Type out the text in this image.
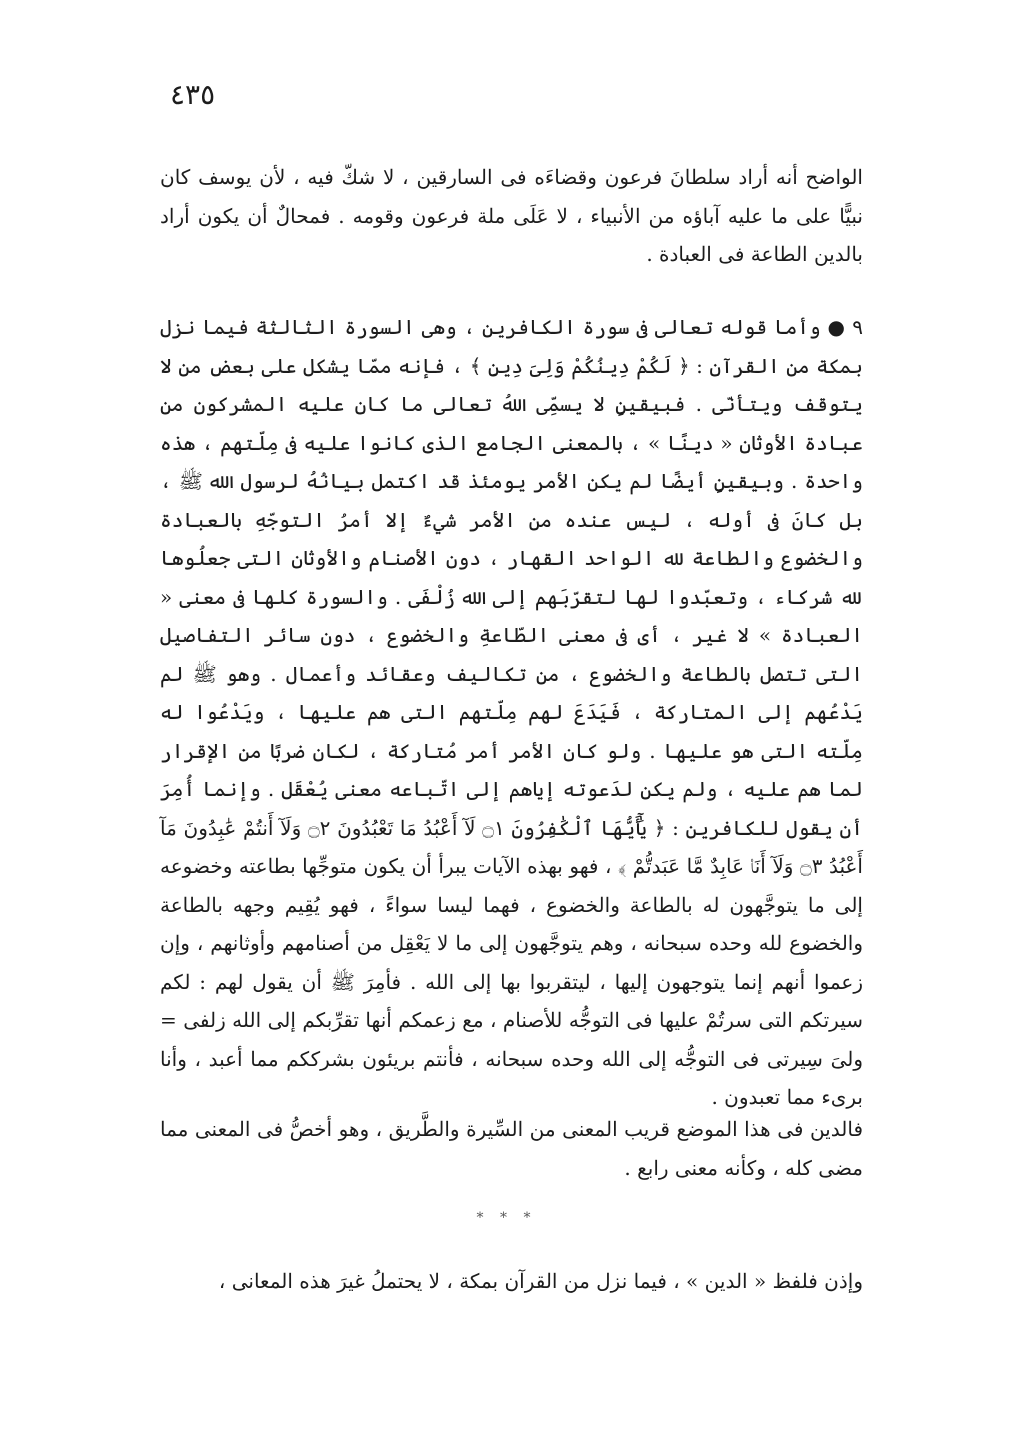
٤٣٥
الواضح أنه أراد سلطانَ فرعون وقضاءَه فى السارقين ، لا شكّ فيه ، لأن يوسف كان نبيًّا على ما عليه آباؤه من الأنبياء ، لا عَلَى ملة فرعون وقومه . فمحالٌ أن يكون أراد بالدين الطاعة فى العبادة .
٩ ● وأما قوله تعالى فى سورة الكافرين ، وهى السورة الثالثة فيما نزل بمكة من القرآن : ﴿ لَكُمْ دِينُكُمْ وَلِىَ دِينِ ﴾ ، فإنه ممّا يشكل على بعض من لا يتوقف ويتأنّى . فبيقينٍ لا يسمِّى اللهُ تعالى ما كان عليه المشركون من عبادة الأوثان « دينًا » ، بالمعنى الجامع الذى كانوا عليه فى مِلّتهم ، هذه واحدة . وبيقينٍ أيضًا لم يكن الأمر يومئذ قد اكتمل بيانُهُ لرسول الله ﷺ ، بل كانَ فى أوله ، ليس عنده من الأمر شيءٌ إلا أمرُ التوجّهِ بالعبادة والخضوع والطاعة لله الواحد القهار ، دون الأصنام والأوثان التى جعلُوها لله شركاء ، وتعبّدوا لها لتقرّبَهم إلى الله زُلْفَى . والسورة كلها فى معنى « العبادة » لا غير ، أى فى معنى الطّاعةِ والخضوع ، دون سائر التفاصيل التى تتصل بالطاعة والخضوع ، من تكاليف وعقائد وأعمال . وهو ﷺ لم يَدْعُهم إلى المتاركة ، فَيَدَعَ لهم مِلّتهم التى هم عليها ، ويَدْعُوا له مِلّته التى هو عليها . ولو كان الأمر أمر مُتاركة ، لكان ضربًا من الإقرار لما هم عليه ، ولم يكن لدَعوته إياهم إلى اتّباعه معنى يُعْقَل . وإنما أُمِرَ أن يقول للكافرين : ﴿ يَٰٓأَيُّهَا ٱلْكَٰفِرُونَ ۝١ لَآ أَعْبُدُ مَا تَعْبُدُونَ ۝٢ وَلَآ أَنتُمْ عَٰبِدُونَ مَآ أَعْبُدُ ۝٣ وَلَآ أَنَا۠ عَابِدٌ مَّا عَبَدتُّمْ ﴾ ، فهو بهذه الآيات يبرأ أن يكون متوجِّها بطاعته وخضوعه إلى ما يتوجَّهون له بالطاعة والخضوع ، فهما ليسا سواءً ، فهو يُقِيم وجهه بالطاعة والخضوع لله وحده سبحانه ، وهم يتوجَّهون إلى ما لا يَعْقِل من أصنامهم وأوثانهم ، وإن زعموا أنهم إنما يتوجهون إليها ، ليتقربوا بها إلى الله . فأمِرَ ﷺ أن يقول لهم : لكم سيرتكم التى سرتُمْ عليها فى التوجُّه للأصنام ، مع زعمكم أنها تقرِّبكم إلى الله زلفى = ولىَ سِيرتى فى التوجُّه إلى الله وحده سبحانه ، فأنتم بريئون بشرككم مما أعبد ، وأنا برىء مما تعبدون .
فالدين فى هذا الموضع قريب المعنى من السِّيرة والطَّريق ، وهو أخصُّ فى المعنى مما مضى كله ، وكأنه معنى رابع .
* * *
وإذن فلفظ « الدين » ، فيما نزل من القرآن بمكة ، لا يحتملُ غيرَ هذه المعانى ،
